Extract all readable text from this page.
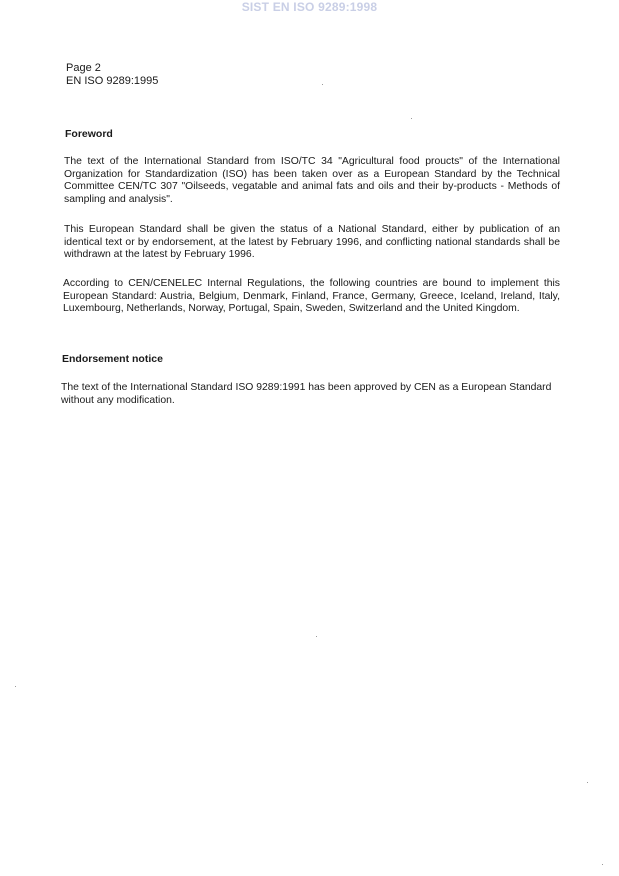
SIST EN ISO 9289:1998
Page 2
EN ISO 9289:1995
Foreword
The text of the International Standard from ISO/TC 34 "Agricultural food proucts" of the International Organization for Standardization (ISO) has been taken over as a European Standard by the Technical Committee CEN/TC 307 "Oilseeds, vegatable and animal fats and oils and their by-products - Methods of sampling and analysis".
This European Standard shall be given the status of a National Standard, either by publication of an identical text or by endorsement, at the latest by February 1996, and conflicting national standards shall be withdrawn at the latest by February 1996.
According to CEN/CENELEC Internal Regulations, the following countries are bound to implement this European Standard: Austria, Belgium, Denmark, Finland, France, Germany, Greece, Iceland, Ireland, Italy, Luxembourg, Netherlands, Norway, Portugal, Spain, Sweden, Switzerland and the United Kingdom.
Endorsement notice
The text of the International Standard ISO 9289:1991 has been approved by CEN as a European Standard without any modification.
